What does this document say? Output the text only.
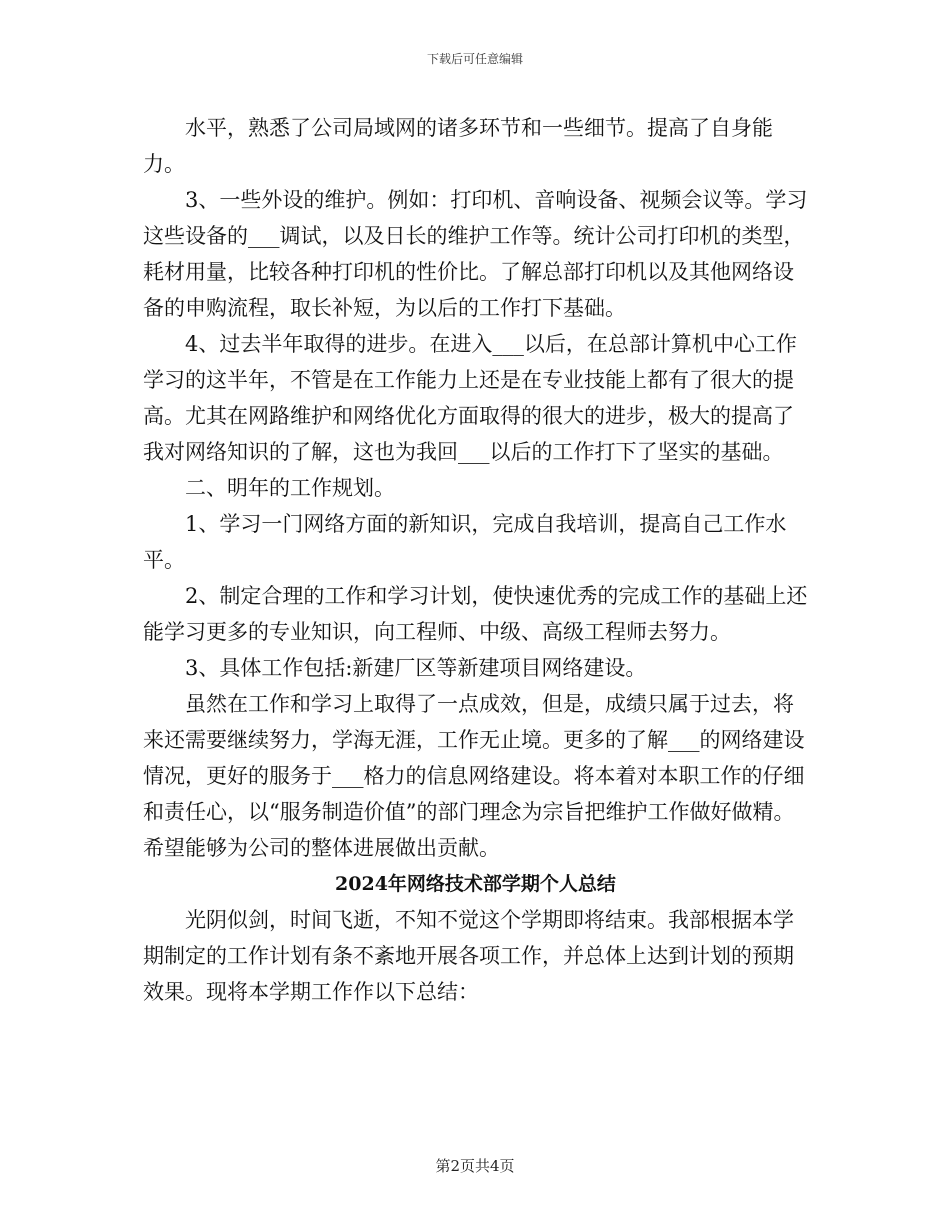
下载后可任意编辑

水平，熟悉了公司局域网的诸多环节和一些细节。提高了自身能力。

3、一些外设的维护。例如：打印机、音响设备、视频会议等。学习这些设备的___调试，以及日长的维护工作等。统计公司打印机的类型，耗材用量，比较各种打印机的性价比。了解总部打印机以及其他网络设备的申购流程，取长补短，为以后的工作打下基础。

4、过去半年取得的进步。在进入___以后，在总部计算机中心工作学习的这半年，不管是在工作能力上还是在专业技能上都有了很大的提高。尤其在网路维护和网络优化方面取得的很大的进步，极大的提高了我对网络知识的了解，这也为我回___以后的工作打下了坚实的基础。

二、明年的工作规划。

1、学习一门网络方面的新知识，完成自我培训，提高自己工作水平。

2、制定合理的工作和学习计划，使快速优秀的完成工作的基础上还能学习更多的专业知识，向工程师、中级、高级工程师去努力。

3、具体工作包括:新建厂区等新建项目网络建设。

虽然在工作和学习上取得了一点成效，但是，成绩只属于过去，将来还需要继续努力，学海无涯，工作无止境。更多的了解___的网络建设情况，更好的服务于___格力的信息网络建设。将本着对本职工作的仔细和责任心，以“服务制造价值”的部门理念为宗旨把维护工作做好做精。希望能够为公司的整体进展做出贡献。

2024年网络技术部学期个人总结

光阴似剑，时间飞逝，不知不觉这个学期即将结束。我部根据本学期制定的工作计划有条不紊地开展各项工作，并总体上达到计划的预期效果。现将本学期工作作以下总结：

第2页共4页
